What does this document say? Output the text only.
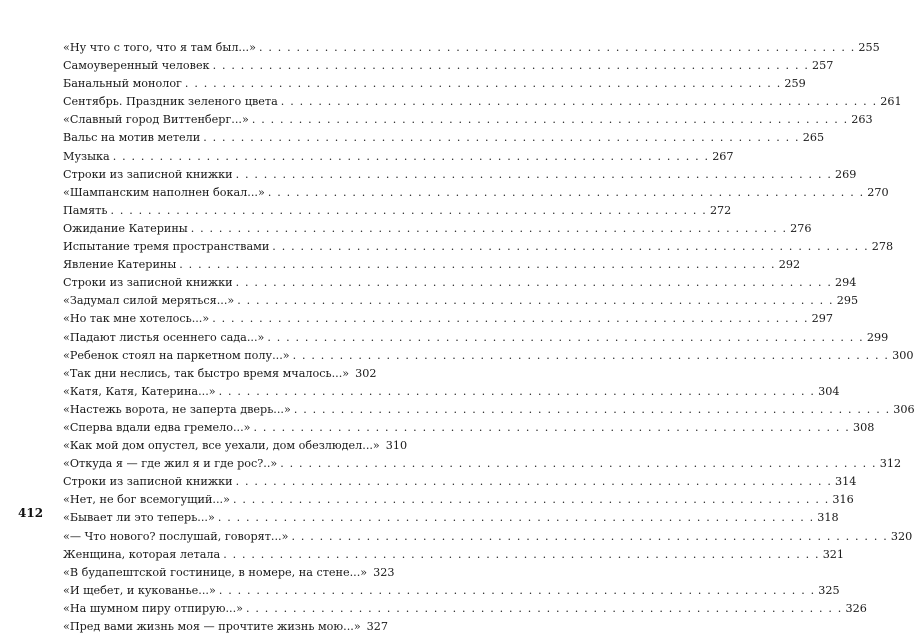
«Ну что с того, что я там был...» . . . . . . . . . . . . . . . . . . . . . . . . . . . . . . . . . . . . . . . . . . . . . . . . . . . . . . . . . . . . . . . . 255
Самоуверенный человек . . . . . . . . . . . . . . . . . . . . . . . . . . . . . . . . . . . . . . . . . . . . . . . . . . . . . . . . . . . . . . . . 257
Банальный монолог . . . . . . . . . . . . . . . . . . . . . . . . . . . . . . . . . . . . . . . . . . . . . . . . . . . . . . . . . . . . . . . . 259
Сентябрь. Праздник зеленого цвета . . . . . . . . . . . . . . . . . . . . . . . . . . . . . . . . . . . . . . . . . . . . . . . . . . . . . . . . . . . . . . . . 261
«Славный город Виттенберг...» . . . . . . . . . . . . . . . . . . . . . . . . . . . . . . . . . . . . . . . . . . . . . . . . . . . . . . . . . . . . . . . . 263
Вальс на мотив метели . . . . . . . . . . . . . . . . . . . . . . . . . . . . . . . . . . . . . . . . . . . . . . . . . . . . . . . . . . . . . . . . 265
Музыка . . . . . . . . . . . . . . . . . . . . . . . . . . . . . . . . . . . . . . . . . . . . . . . . . . . . . . . . . . . . . . . . 267
Строки из записной книжки . . . . . . . . . . . . . . . . . . . . . . . . . . . . . . . . . . . . . . . . . . . . . . . . . . . . . . . . . . . . . . . . 269
«Шампанским наполнен бокал...» . . . . . . . . . . . . . . . . . . . . . . . . . . . . . . . . . . . . . . . . . . . . . . . . . . . . . . . . . . . . . . . . 270
Память . . . . . . . . . . . . . . . . . . . . . . . . . . . . . . . . . . . . . . . . . . . . . . . . . . . . . . . . . . . . . . . . 272
Ожидание Катерины . . . . . . . . . . . . . . . . . . . . . . . . . . . . . . . . . . . . . . . . . . . . . . . . . . . . . . . . . . . . . . . . 276
Испытание тремя пространствами . . . . . . . . . . . . . . . . . . . . . . . . . . . . . . . . . . . . . . . . . . . . . . . . . . . . . . . . . . . . . . . . 278
Явление Катерины . . . . . . . . . . . . . . . . . . . . . . . . . . . . . . . . . . . . . . . . . . . . . . . . . . . . . . . . . . . . . . . . 292
Строки из записной книжки . . . . . . . . . . . . . . . . . . . . . . . . . . . . . . . . . . . . . . . . . . . . . . . . . . . . . . . . . . . . . . . . 294
«Задумал силой меряться...» . . . . . . . . . . . . . . . . . . . . . . . . . . . . . . . . . . . . . . . . . . . . . . . . . . . . . . . . . . . . . . . . 295
«Но так мне хотелось...» . . . . . . . . . . . . . . . . . . . . . . . . . . . . . . . . . . . . . . . . . . . . . . . . . . . . . . . . . . . . . . . . 297
«Падают листья осеннего сада...» . . . . . . . . . . . . . . . . . . . . . . . . . . . . . . . . . . . . . . . . . . . . . . . . . . . . . . . . . . . . . . . . 299
«Ребенок стоял на паркетном полу...» . . . . . . . . . . . . . . . . . . . . . . . . . . . . . . . . . . . . . . . . . . . . . . . . . . . . . . . . . . . . . . . . 300
«Так дни неслись, так быстро время мчалось...» 302
«Катя, Катя, Катерина...» . . . . . . . . . . . . . . . . . . . . . . . . . . . . . . . . . . . . . . . . . . . . . . . . . . . . . . . . . . . . . . . . 304
«Настежь ворота, не заперта дверь...» . . . . . . . . . . . . . . . . . . . . . . . . . . . . . . . . . . . . . . . . . . . . . . . . . . . . . . . . . . . . . . . . 306
«Сперва вдали едва гремело...» . . . . . . . . . . . . . . . . . . . . . . . . . . . . . . . . . . . . . . . . . . . . . . . . . . . . . . . . . . . . . . . . 308
«Как мой дом опустел, все уехали, дом обезлюдел...» 310
«Откуда я — где жил я и где рос?..» . . . . . . . . . . . . . . . . . . . . . . . . . . . . . . . . . . . . . . . . . . . . . . . . . . . . . . . . . . . . . . . . 312
Строки из записной книжки . . . . . . . . . . . . . . . . . . . . . . . . . . . . . . . . . . . . . . . . . . . . . . . . . . . . . . . . . . . . . . . . 314
«Нет, не бог всемогущий...» . . . . . . . . . . . . . . . . . . . . . . . . . . . . . . . . . . . . . . . . . . . . . . . . . . . . . . . . . . . . . . . . 316
«Бывает ли это теперь...» . . . . . . . . . . . . . . . . . . . . . . . . . . . . . . . . . . . . . . . . . . . . . . . . . . . . . . . . . . . . . . . . 318
«— Что нового? послушай, говорят...» . . . . . . . . . . . . . . . . . . . . . . . . . . . . . . . . . . . . . . . . . . . . . . . . . . . . . . . . . . . . . . . . 320
Женщина, которая летала . . . . . . . . . . . . . . . . . . . . . . . . . . . . . . . . . . . . . . . . . . . . . . . . . . . . . . . . . . . . . . . . 321
«В будапештской гостинице, в номере, на стене...» 323
«И щебет, и кукованье...» . . . . . . . . . . . . . . . . . . . . . . . . . . . . . . . . . . . . . . . . . . . . . . . . . . . . . . . . . . . . . . . . 325
«На шумном пиру отпирую...» . . . . . . . . . . . . . . . . . . . . . . . . . . . . . . . . . . . . . . . . . . . . . . . . . . . . . . . . . . . . . . . . 326
«Пред вами жизнь моя — прочтите жизнь мою...» 327
412
